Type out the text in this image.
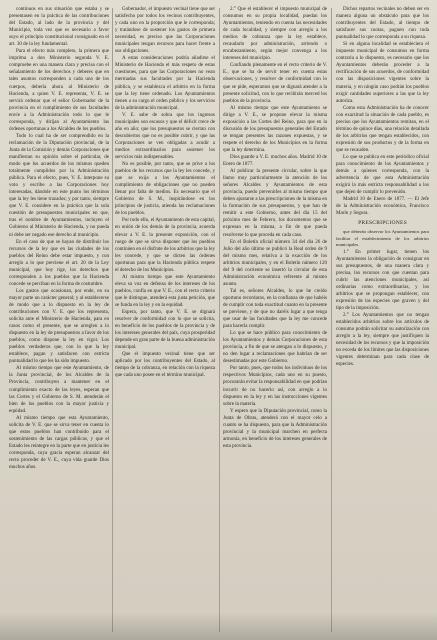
continuos en sus situación que estaba y se presentasen en la práctica de las contribuciones del Estado, al lado de la provincia y del Municipio, toda vez que es necesario a favor suyo el principio constitucional consignado en el art. 30 de la ley fundamental.

Para el efecto más completo, la primera que imprima a don Ministerio segunda V. E. compruebe en una manera clara y precisa con el señalamiento de los derechos y deberes que en tales asuntos corresponden a cada uno de los cuerpos, debería ahora al Ministerio de Hacienda, a quien V. E. representa, V. E. se servirá ordenar que el señor Gobernador de la provincia en el cumplimiento de sus facultades envíe a la Administración todo lo que le corresponda, y dirijan al Ayuntamiento las órdenes oportunas a los Alcaldes de los pueblos.

Todo lo cual ha de ser comprendido en la reclamación de la Diputación provincial, de la Junta de la Comisión y demás Corporaciones que manifiestan su opinión sobre el particular, de modo que los acuerdos de los mismos queden totalmente cumplidos por la Administración pública. Para el efecto, pues, V. E. interpone su voto y escribe a las Corporaciones hoy interesadas, dándole en este punto los términos que la ley les tiene trazados; y por tanto, siempre que V. E. considere en la práctica que la sola cuestión de presupuestos municipales en que, tras el nombre de Ayuntamientos, incluyen el Gobierno al Ministerio de Hacienda, y no pueda ni debe ser negado ese derecho al municipio.

En el caso de que se hayan de distribuir los recursos de la ley que en las ciudades de los pueblos del Reino debe estar impuesto, y con arreglo a lo que previene el art. 20 de la Ley municipal, que hoy rige, los derechos que corresponden a los pueblos que la Hacienda concede se perciban en la forma de costumbre.

Los gastos que ocasionan, por ende, en su mayor parte un carácter general; y al establecerse de modo que a lo dispuesto en la ley de contribuciones con V. E. que los representa, solicita ante el Ministerio de Hacienda, para en casos como el presente, que se arreglen a lo dispuesto en la ley de presupuestos a favor de los pueblos, como dispone la ley en vigor. Los pueblos verdaderos que, con lo que la ley establece, pagan y satisfacen con estricta puntualidad lo que les ha sido impuesto.

Al mismo tiempo que este Ayuntamiento, de la Junta provincial, de los Alcaldes de la Provincia, contribuyen a mantener en el cumplimiento exacto de las leyes, esperan que las Cortes y el Gobierno de S. M. atenderán el bien de los pueblos con la mayor justicia y equidad.

Al mismo tiempo que esta Ayuntamiento, solicita de V. E. que se sirva tener en cuenta lo que estos pueblos han contribuido para el sostenimiento de las cargas públicas, y que el Estado les reintegre en la parte que en justicia les corresponda, cuya gracia esperan alcanzar del recto proceder de V. E., cuya vida guarde Dios muchos años.

Gobernador, el impuesto vecinal tiene que ser satisfecho por todos los vecinos contribuyentes, y cada uno en la proporción que le corresponda; y tratándose de sostener los gastos de primera necesidad, es preciso que las Corporaciones municipales tengan recursos para hacer frente a sus obligaciones.

A estas consideraciones podría añadirse el Ministerio de Hacienda el más respeto de estas cuestiones, para que las Corporaciones no vean mermadas sus facultades por la Hacienda pública, y se establezca el arbitrio en la forma que la ley tiene ordenado. Los Ayuntamientos tienen a su cargo el orden público y los servicios de la administración municipal.

V. E. sabe de sobra que los ingresos municipales son escasos y que el déficit crece de año en año; que los presupuestos se cierran con descubiertos que no es posible cubrir, y que las Corporaciones se ven obligadas a acudir a medios extraordinarios para sostener los servicios más indispensables.

No es posible, por tanto, que se prive a los pueblos de los recursos que la ley les concede, y que se exija a los Ayuntamientos el cumplimiento de obligaciones que no pueden llenar por falta de medios. Es necesario que el Gobierno de S. M., inspirándose en los principios de justicia, atienda las reclamaciones de los pueblos.

Por todo ello, el Ayuntamiento de esta capital, en unión de los demás de la provincia, acuerda elevar a V. E. la presente exposición, con el ruego de que se sirva disponer que los pueblos continúen en el disfrute de los arbitrios que la ley les concede, y que se dicten las órdenes oportunas para que la Hacienda pública respete el derecho de los Municipios.

Al mismo tiempo que este Ayuntamiento eleva su voz en defensa de los intereses de los pueblos, confía en que V. E., con el recto criterio que le distingue, atenderá esta justa petición, que se funda en la ley y en la equidad.

Espera, por tanto, que V. E. se dignará resolver de conformidad con lo que se solicita, en beneficio de los pueblos de la provincia y de los intereses generales del país, cuya prosperidad depende en gran parte de la buena administración municipal.

Que el impuesto vecinal tiene que ser aplicado por los contribuyentes del Estado, al tiempo de la cobranza, en relación con la riqueza que cada uno posee en el término municipal.

2.° Que el establecer el impuesto municipal de consumos en su propia localidad, puedan los Ayuntamientos, teniendo en cuenta las necesidades de cada localidad, y siempre con arreglo a los medios de cobranza que la ley establece, recaudarlo por administración, arriendo o encabezamiento, según mejor convenga a los intereses del municipio.

Confiando plenamente en el recto criterio de V. E., que se ha de servir tener en cuenta estas observaciones, y resolver de conformidad con lo que se pide, esperamos que se dignará atender a la presente solicitud, con lo que recibirán merced los pueblos de la provincia.

Al mismo tiempo que este Ayuntamiento se dirige a V. E., se propone elevar la misma exposición a las Cortes del Reino, para que en la discusión de los presupuestos generales del Estado se tengan presentes las razones expuestas, y se respete el derecho de los Municipios en la forma que la ley determina.

Dios guarde a V. E. muchos años. Madrid 10 de Enero de 1877.

Al publicar la presente circular, sobre la que llamo muy particularmente la atención de los señores Alcaldes y Ayuntamientos de esta provincia, puedo prevenirles al mismo tiempo que deben ajustarse a las prescripciones de la misma en la formación de sus presupuestos, y que han de remitir a este Gobierno, antes del día 15 del próximo mes de Febrero, los documentos que se expresan en la misma, a fin de que pueda resolverse lo que proceda en cada caso.

En el Boletín oficial número 34 del día 26 de Julio del año último se publicó la Real orden de 9 del mismo mes, relativa a la exacción de los arbitrios municipales, y en el Boletín número 120 del 9 del corriente se insertó la circular de esta Administración económica referente al mismo asunto.

Tal es, señores Alcaldes, lo que he creído oportuno recordaros, en la confianza de que habéis de cumplir con toda exactitud cuanto en la presente se previene, y de que no daréis lugar a que tenga que usar de las facultades que la ley me concede para hacerla cumplir.

Lo que se hace público para conocimiento de los Ayuntamientos y demás Corporaciones de esta provincia, a fin de que se atengan a lo dispuesto, y no den lugar a reclamaciones que habrían de ser desestimadas por este Gobierno.

Por tanto, pues, que todos los individuos de los respectivos Municipios, cada uno en su puesto, procurarán evitar la responsabilidad en que podrían incurrir de no hacerlo así, con arreglo a lo dispuesto en la ley y en las instrucciones vigentes sobre la materia.

Y espero que la Diputación provincial, como la Junta de Obras, atenderá con el mayor celo a cuanto se ha dispuesto, para que la Administración provincial y la municipal marchen en perfecta armonía, en beneficio de los intereses generales de esta provincia.

Dichos repartos vecinales no deben ser en manera alguna un obstáculo para que los contribuyentes del Estado, al tiempo de satisfacer sus cuotas, paguen con toda puntualidad lo que corresponda a su riqueza.

Si en alguna localidad se estableciera el impuesto municipal de consumos en forma contraria a lo dispuesto, es necesario que los Ayuntamientos deberán proceder a la rectificación de sus acuerdos, de conformidad con las disposiciones vigentes sobre la materia, y en ningún caso podrán los pueblos exigir cantidades superiores a las que la ley autoriza.

Como esta Administración ha de conocer con exactitud la situación de cada pueblo, es preciso que los Ayuntamientos remitan, en el término de quince días, una relación detallada de los arbitrios que tengan establecidos, con expresión de sus productos y de la forma en que se recauden.

Lo que se publica en este periódico oficial para conocimiento de los Ayuntamientos y demás a quienes corresponda, con la advertencia de que esta Administración exigirá la más estricta responsabilidad a los que dejen de cumplir lo prevenido.

Madrid 10 de Enero de 1877. — El Jefe de la Administración económica, Francisco Marín y Segura.

PRESCRIPCIONES

que deberán observar los Ayuntamientos para facilitar el establecimiento de los arbitrios municipales.

1.° En primer lugar, tienen los Ayuntamientos la obligación de consignar en sus presupuestos, de una manera clara y precisa, los recursos con que cuentan para cubrir las atenciones municipales, así ordinarias como extraordinarias, y los arbitrios que se propongan establecer, con expresión de las especies que graven y del tipo de la imposición.

2.° Los Ayuntamientos que no tengan establecidos arbitrios sobre los artículos de consumo podrán solicitar su autorización con arreglo a la ley, siempre que justifiquen la necesidad de los recursos y que la imposición no exceda de los límites que las disposiciones vigentes determinan para cada clase de especies.
